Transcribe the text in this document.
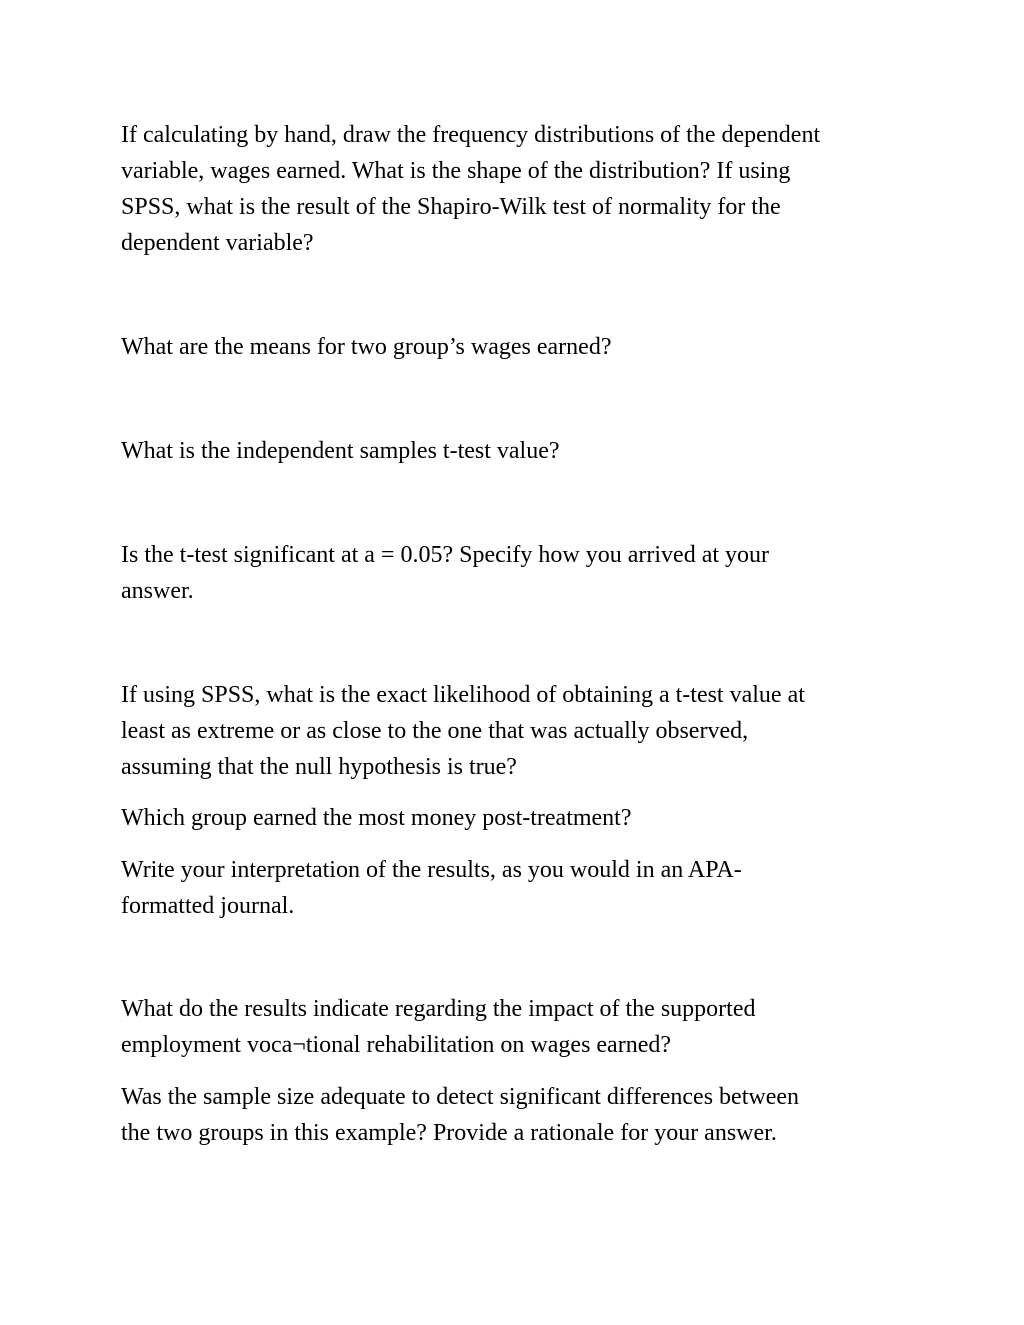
If calculating by hand, draw the frequency distributions of the dependent
variable, wages earned. What is the shape of the distribution? If using
SPSS, what is the result of the Shapiro-Wilk test of normality for the
dependent variable?

What are the means for two group’s wages earned?

What is the independent samples t-test value?

Is the t-test significant at a = 0.05? Specify how you arrived at your
answer.

If using SPSS, what is the exact likelihood of obtaining a t-test value at
least as extreme or as close to the one that was actually observed,
assuming that the null hypothesis is true?

Which group earned the most money post-treatment?

Write your interpretation of the results, as you would in an APA-
formatted journal.

What do the results indicate regarding the impact of the supported
employment voca¬tional rehabilitation on wages earned?

Was the sample size adequate to detect significant differences between
the two groups in this example? Provide a rationale for your answer.
